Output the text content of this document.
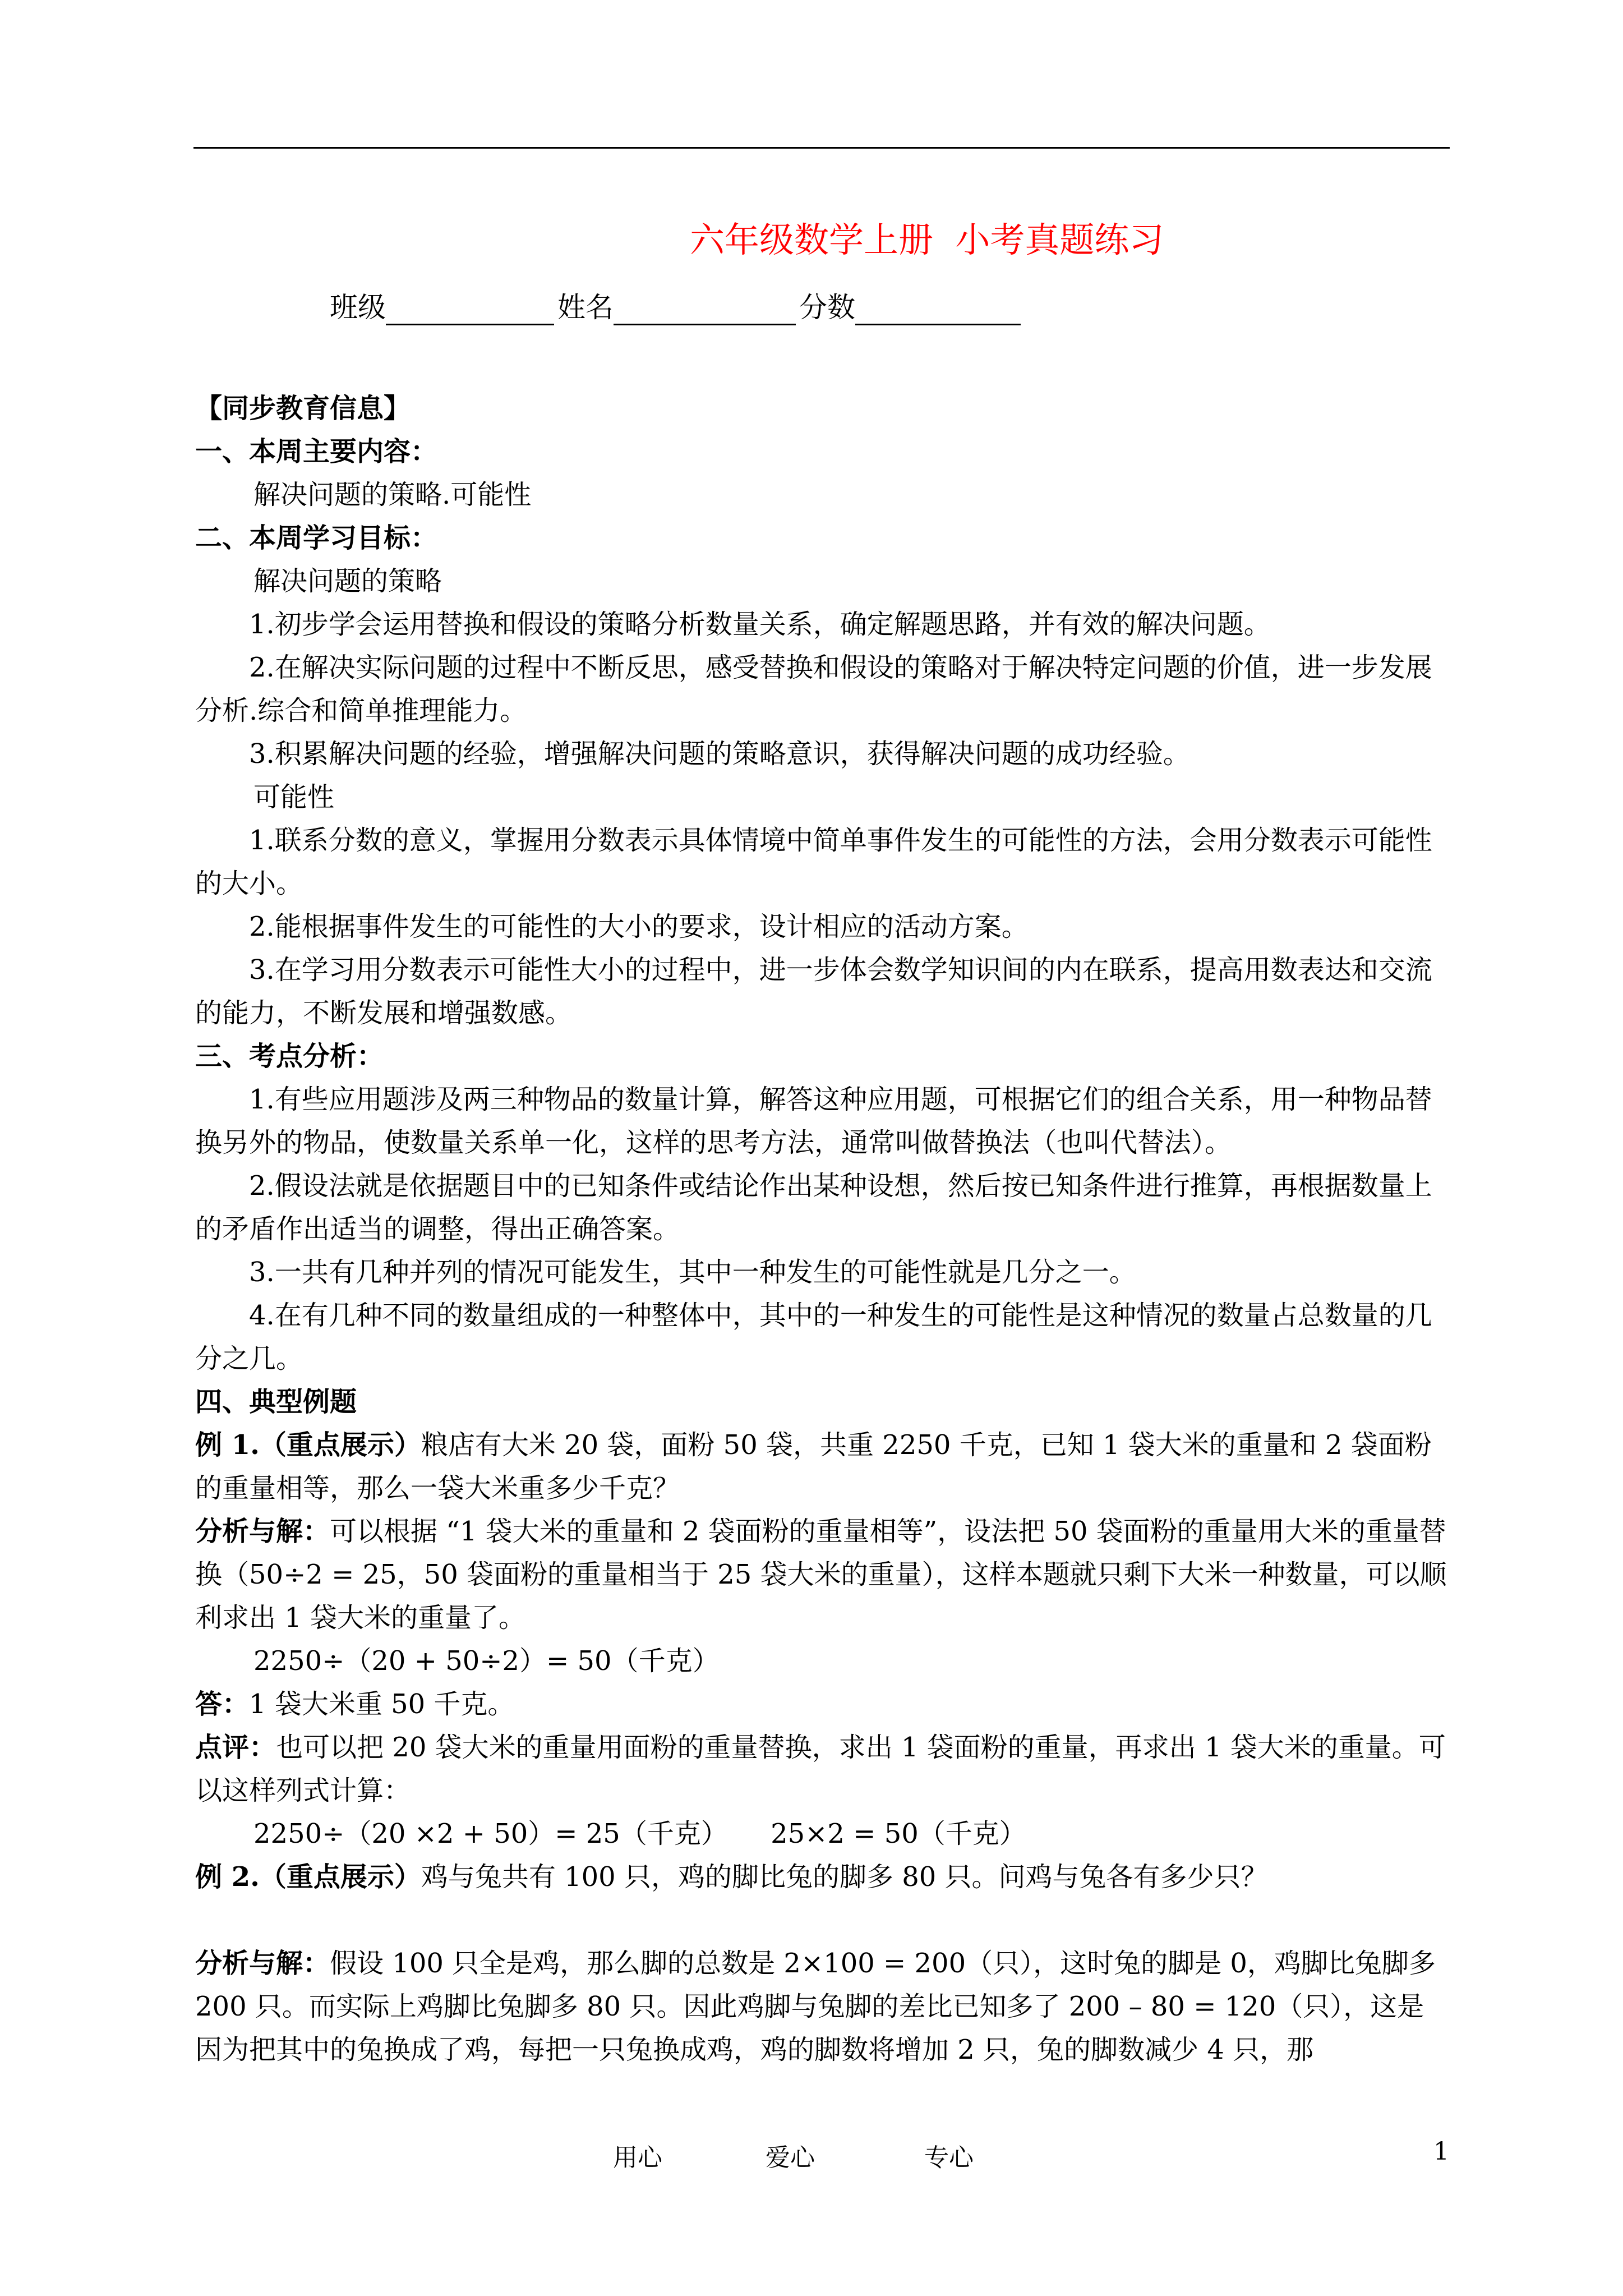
六年级数学上册  小考真题练习
班级	姓名	分数

【同步教育信息】

一、本周主要内容：

解决问题的策略.可能性

二、本周学习目标：

解决问题的策略

1.初步学会运用替换和假设的策略分析数量关系，确定解题思路，并有效的解决问题。

2.在解决实际问题的过程中不断反思，感受替换和假设的策略对于解决特定问题的价值，进一步发展分析.综合和简单推理能力。

3.积累解决问题的经验，增强解决问题的策略意识，获得解决问题的成功经验。

可能性

1.联系分数的意义，掌握用分数表示具体情境中简单事件发生的可能性的方法，会用分数表示可能性的大小。

2.能根据事件发生的可能性的大小的要求，设计相应的活动方案。

3.在学习用分数表示可能性大小的过程中，进一步体会数学知识间的内在联系，提高用数表达和交流的能力，不断发展和增强数感。

三、考点分析：

1.有些应用题涉及两三种物品的数量计算，解答这种应用题，可根据它们的组合关系，用一种物品替换另外的物品，使数量关系单一化，这样的思考方法，通常叫做替换法（也叫代替法）。

2.假设法就是依据题目中的已知条件或结论作出某种设想，然后按已知条件进行推算，再根据数量上的矛盾作出适当的调整，得出正确答案。

3.一共有几种并列的情况可能发生，其中一种发生的可能性就是几分之一。

4.在有几种不同的数量组成的一种整体中，其中的一种发生的可能性是这种情况的数量占总数量的几分之几。

四、典型例题

例 1.（重点展示）粮店有大米 20 袋，面粉 50 袋，共重 2250 千克，已知 1 袋大米的重量和 2 袋面粉的重量相等，那么一袋大米重多少千克？

分析与解：可以根据 “1 袋大米的重量和 2 袋面粉的重量相等”，设法把 50 袋面粉的重量用大米的重量替换（50÷2 = 25，50 袋面粉的重量相当于 25 袋大米的重量），这样本题就只剩下大米一种数量，可以顺利求出 1 袋大米的重量了。

2250÷（20 + 50÷2）= 50（千克）

答：1 袋大米重 50 千克。

点评：也可以把 20 袋大米的重量用面粉的重量替换，求出 1 袋面粉的重量，再求出 1 袋大米的重量。可以这样列式计算：

2250÷（20 ×2 + 50）= 25（千克）     25×2 = 50（千克）

例 2.（重点展示）鸡与兔共有 100 只，鸡的脚比兔的脚多 80 只。问鸡与兔各有多少只？

分析与解：假设 100 只全是鸡，那么脚的总数是 2×100 = 200（只），这时兔的脚是 0，鸡脚比兔脚多 200 只。而实际上鸡脚比兔脚多 80 只。因此鸡脚与兔脚的差比已知多了 200 – 80 = 120（只），这是因为把其中的兔换成了鸡，每把一只兔换成鸡，鸡的脚数将增加 2 只，兔的脚数减少 4 只，那

用心	爱心	专心	1
